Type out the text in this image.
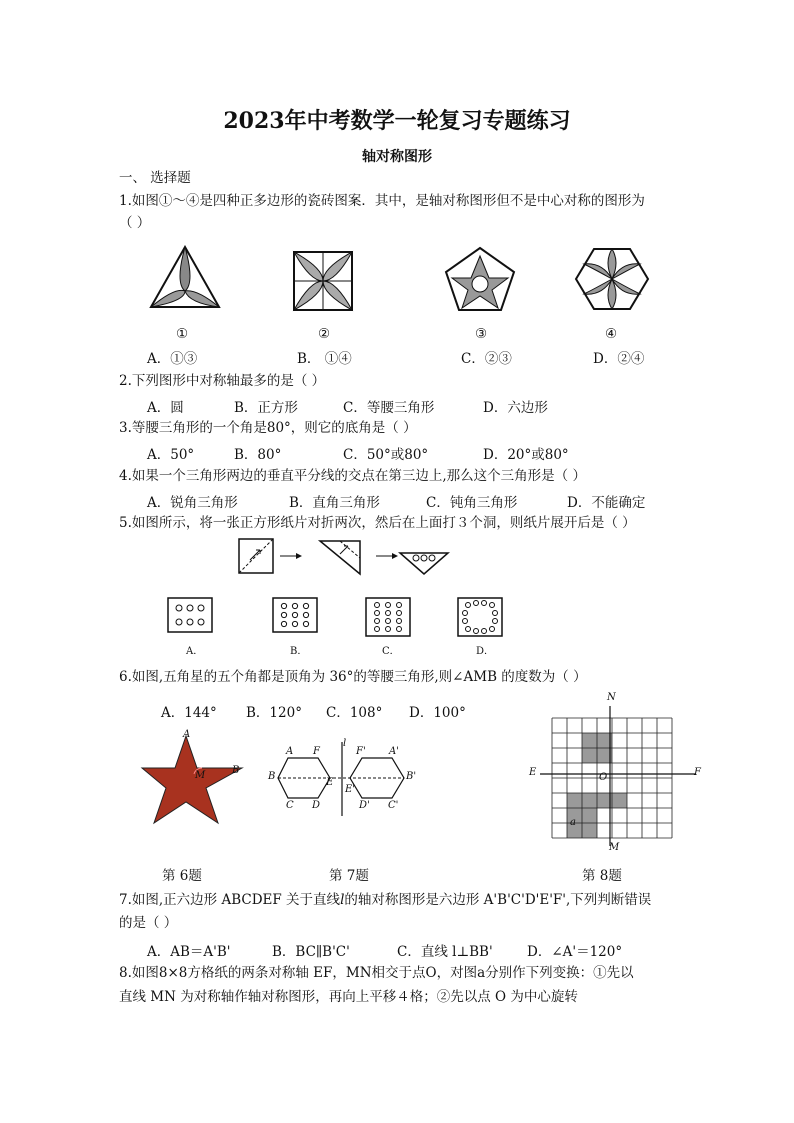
2023年中考数学一轮复习专题练习
轴对称图形
一、 选择题
1.如图①～④是四种正多边形的瓷砖图案．其中，是轴对称图形但不是中心对称的图形为
（ ）
①	②	③	④
A．①③	B． ①④	C．②③	D．②④
2.下列图形中对称轴最多的是（ ）
A．圆	B．正方形	C．等腰三角形	D．六边形
3.等腰三角形的一个角是80°，则它的底角是（ ）
A．50°	B．80°	C．50°或80°	D．20°或80°
4.如果一个三角形两边的垂直平分线的交点在第三边上,那么这个三角形是（ ）
A．锐角三角形	B．直角三角形	C．钝角三角形	D．不能确定
5.如图所示，将一张正方形纸片对折两次，然后在上面打３个洞，则纸片展开后是（ ）
A．	B．	C．	D．
6.如图,五角星的五个角都是顶角为 36°的等腰三角形,则∠AMB 的度数为（ ）
A．144° B．120° C．108° D．100°
A
B
M
A F
B
E
C D
F' A'
E'
B'
D' C'
l
N
M
E	F
O
a
第 6题	第 7题	第 8题
7.如图,正六边形 ABCDEF 关于直线l的轴对称图形是六边形 A'B'C'D'E'F',下列判断错误
的是（ ）
A．AB＝A'B'	B．BC∥B'C'	C．直线 l⊥BB'	D．∠A'＝120°
8.如图8×8方格纸的两条对称轴 EF，MN相交于点O，对图a分别作下列变换：①先以
直线 MN 为对称轴作轴对称图形，再向上平移４格；②先以点 O 为中心旋转
